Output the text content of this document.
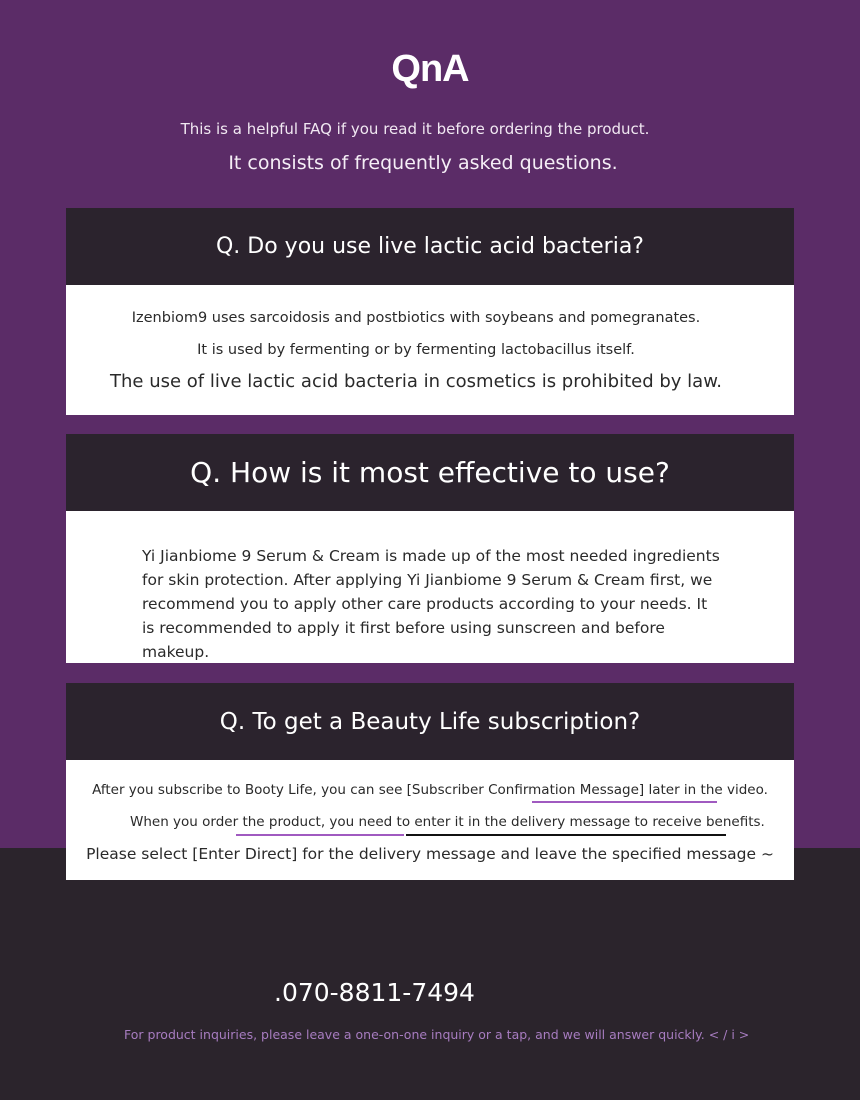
QnA
This is a helpful FAQ if you read it before ordering the product.
It consists of frequently asked questions.
Q. Do you use live lactic acid bacteria?
Izenbiom9 uses sarcoidosis and postbiotics with soybeans and pomegranates.
It is used by fermenting or by fermenting lactobacillus itself.
The use of live lactic acid bacteria in cosmetics is prohibited by law.
Q. How is it most effective to use?
Yi Jianbiome 9 Serum & Cream is made up of the most needed ingredients for skin protection. After applying Yi Jianbiome 9 Serum & Cream first, we recommend you to apply other care products according to your needs. It is recommended to apply it first before using sunscreen and before makeup.
Q. To get a Beauty Life subscription?
After you subscribe to Booty Life, you can see [Subscriber Confirmation Message] later in the video.
When you order the product, you need to enter it in the delivery message to receive benefits.
Please select [Enter Direct] for the delivery message and leave the specified message ~
.070-8811-7494
For product inquiries, please leave a one-on-one inquiry or a tap, and we will answer quickly. < / i >
